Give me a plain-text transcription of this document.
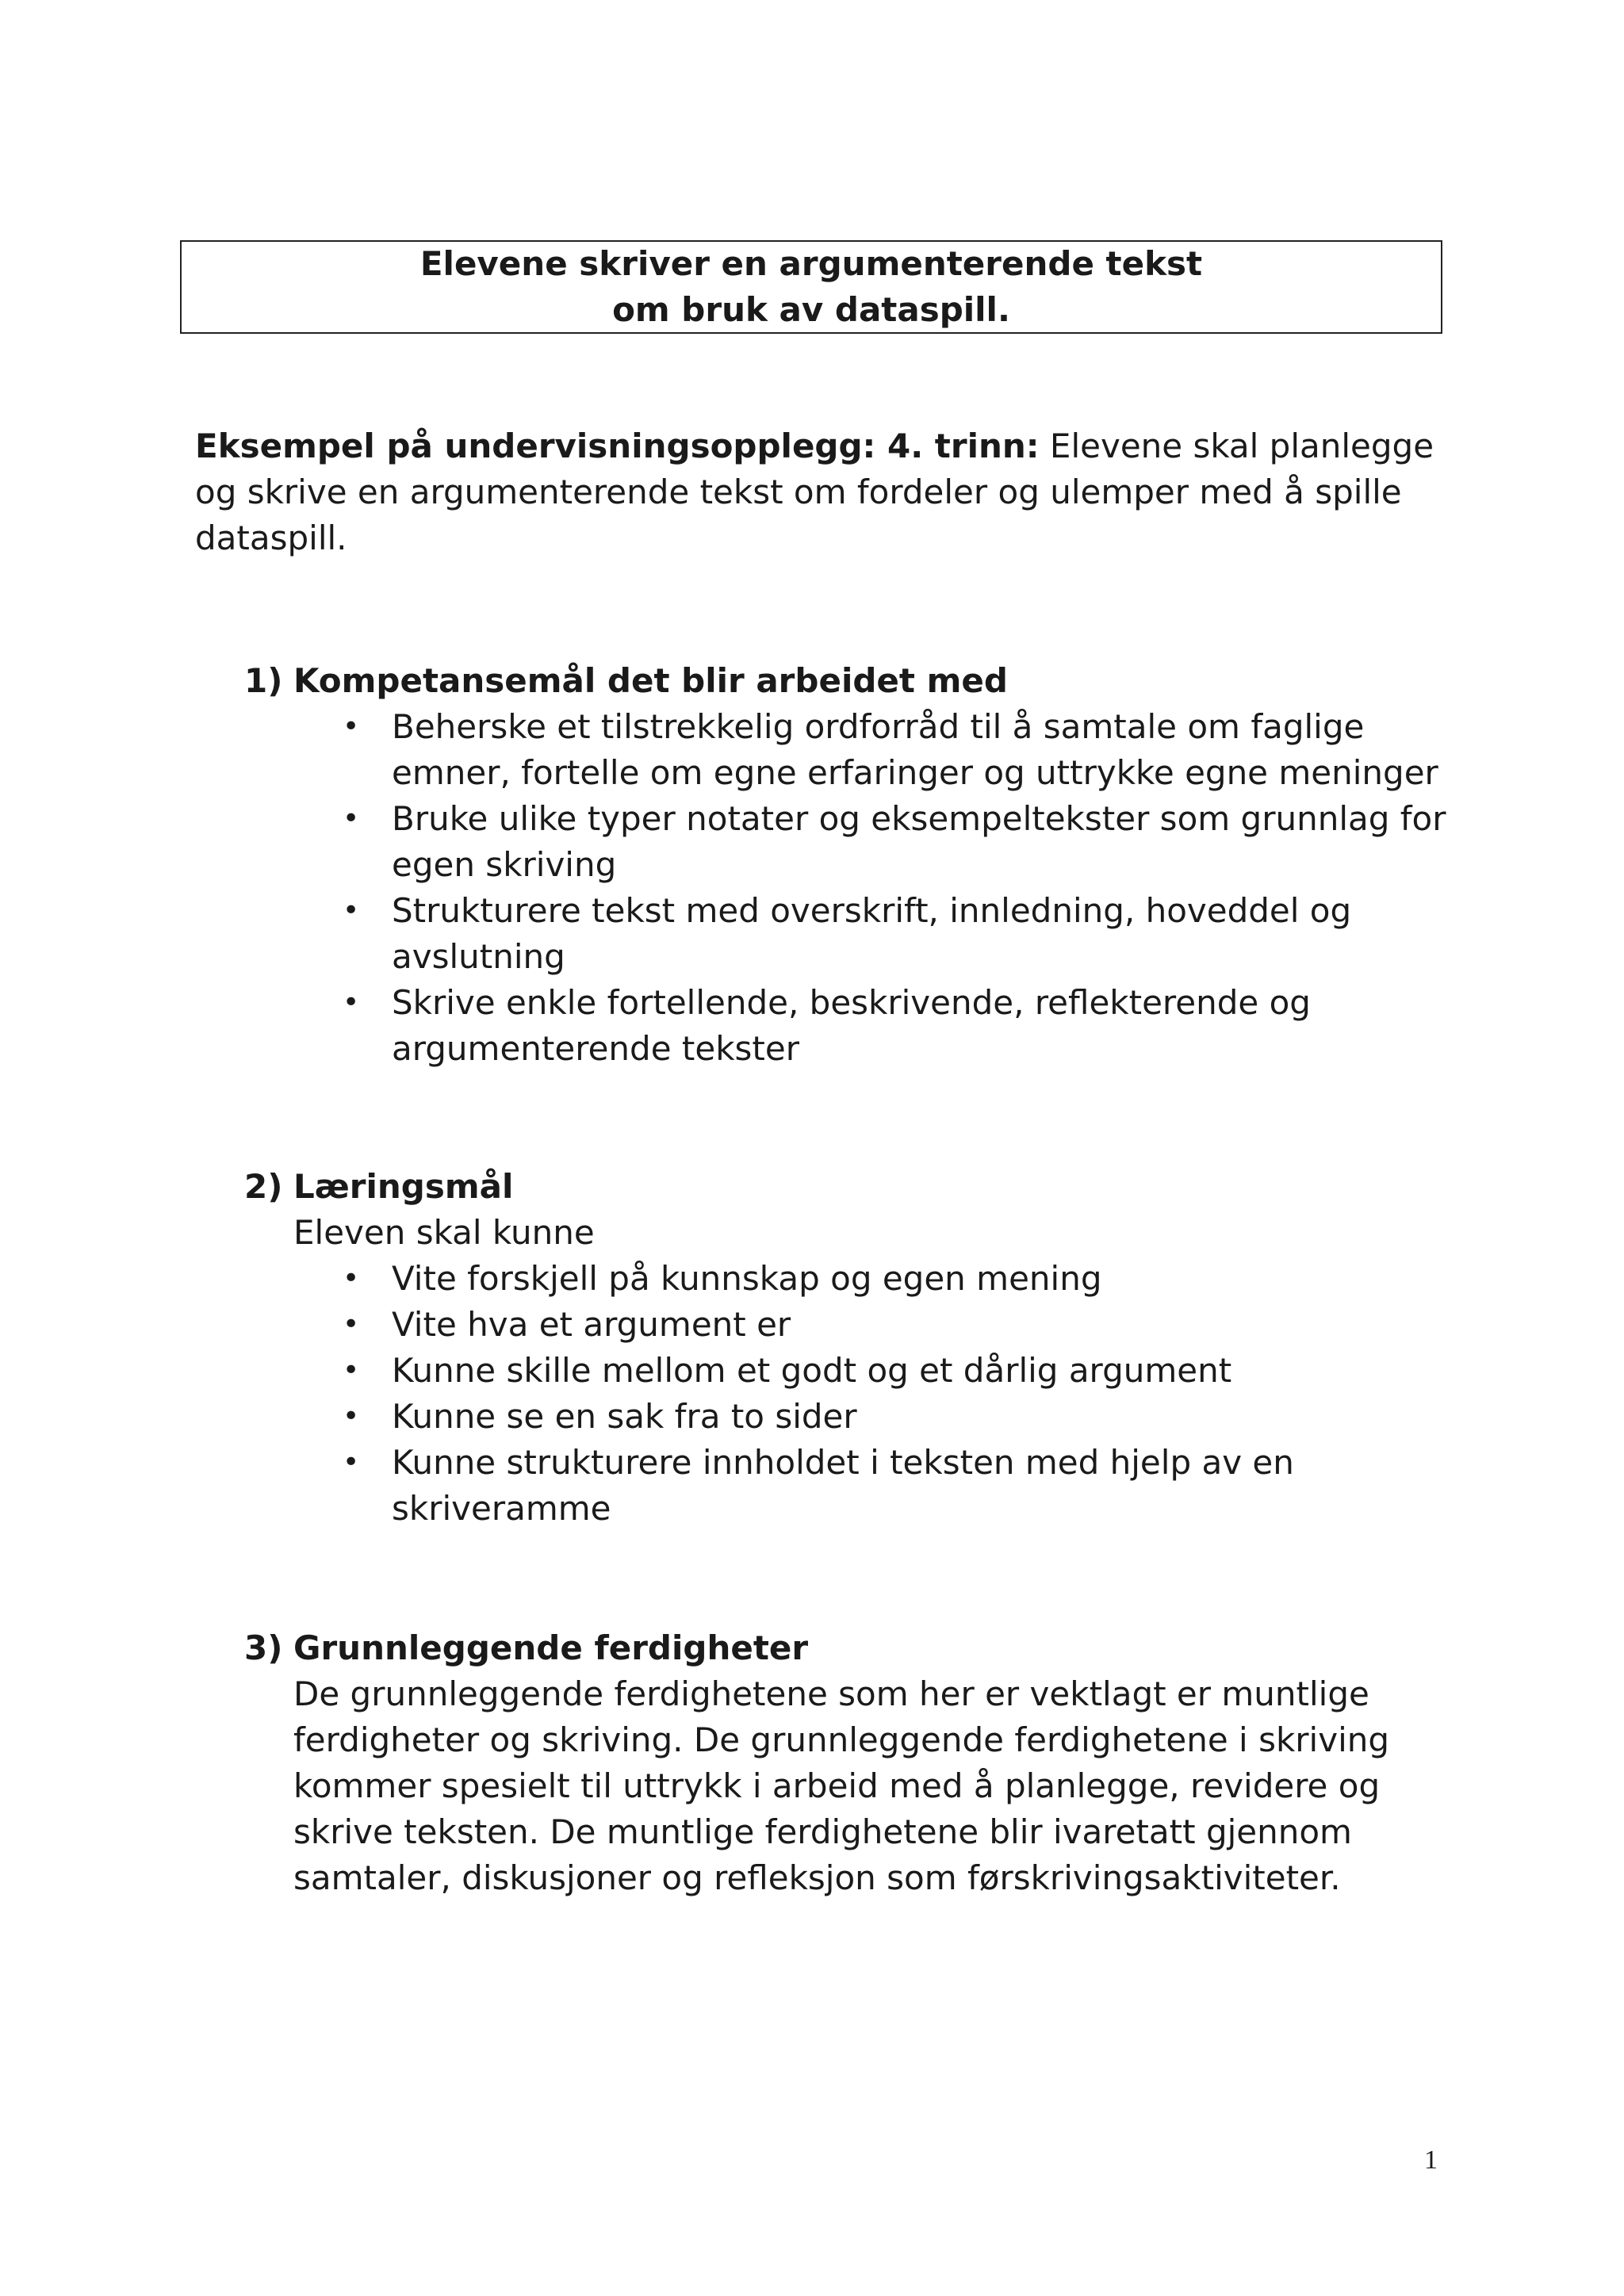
Elevene skriver en argumenterende tekst
om bruk av dataspill.
Eksempel på undervisningsopplegg: 4. trinn: Elevene skal planlegge og skrive en argumenterende tekst om fordeler og ulemper med å spille dataspill.
1) Kompetansemål det blir arbeidet med
• Beherske et tilstrekkelig ordforråd til å samtale om faglige emner, fortelle om egne erfaringer og uttrykke egne meninger
• Bruke ulike typer notater og eksempeltekster som grunnlag for egen skriving
• Strukturere tekst med overskrift, innledning, hoveddel og avslutning
• Skrive enkle fortellende, beskrivende, reflekterende og argumenterende tekster
2) Læringsmål
Eleven skal kunne
• Vite forskjell på kunnskap og egen mening
• Vite hva et argument er
• Kunne skille mellom et godt og et dårlig argument
• Kunne se en sak fra to sider
• Kunne strukturere innholdet i teksten med hjelp av en skriveramme
3) Grunnleggende ferdigheter
De grunnleggende ferdighetene som her er vektlagt er muntlige ferdigheter og skriving. De grunnleggende ferdighetene i skriving kommer spesielt til uttrykk i arbeid med å planlegge, revidere og skrive teksten. De muntlige ferdighetene blir ivaretatt gjennom samtaler, diskusjoner og refleksjon som førskrivingsaktiviteter.
1
